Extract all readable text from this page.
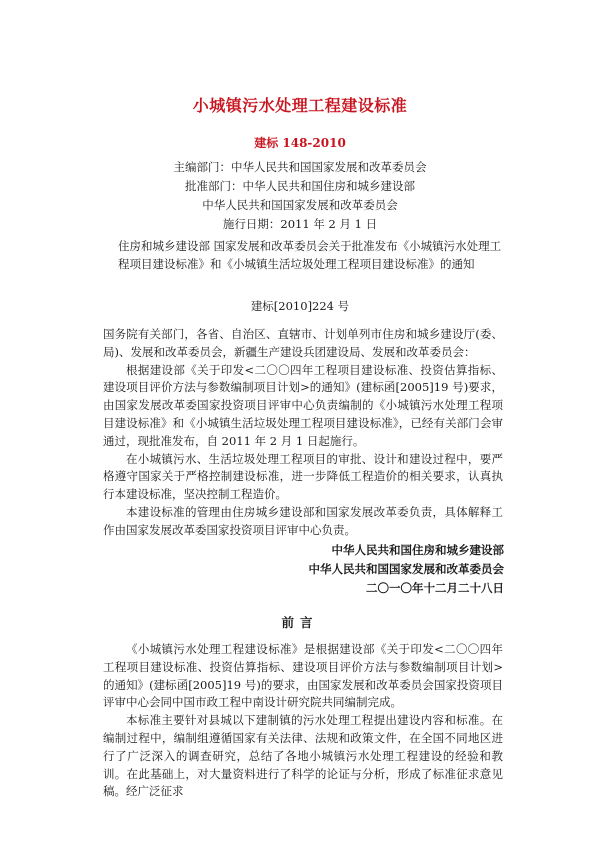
小城镇污水处理工程建设标准
建标 148-2010
主编部门：中华人民共和国国家发展和改革委员会
批准部门：中华人民共和国住房和城乡建设部
中华人民共和国国家发展和改革委员会
施行日期：2011 年 2 月 1 日
住房和城乡建设部 国家发展和改革委员会关于批准发布《小城镇污水处理工程项目建设标准》和《小城镇生活垃圾处理工程项目建设标准》的通知
建标[2010]224 号

国务院有关部门，各省、自治区、直辖市、计划单列市住房和城乡建设厅(委、局)、发展和改革委员会，新疆生产建设兵团建设局、发展和改革委员会：

根据建设部《关于印发<二〇〇四年工程项目建设标准、投资估算指标、建设项目评价方法与参数编制项目计划>的通知》(建标函[2005]19 号)要求，由国家发展改革委国家投资项目评审中心负责编制的《小城镇污水处理工程项目建设标准》和《小城镇生活垃圾处理工程项目建设标准》，已经有关部门会审通过，现批准发布，自 2011 年 2 月 1 日起施行。

在小城镇污水、生活垃圾处理工程项目的审批、设计和建设过程中，要严格遵守国家关于严格控制建设标准，进一步降低工程造价的相关要求，认真执行本建设标准，坚决控制工程造价。

本建设标准的管理由住房城乡建设部和国家发展改革委负责，具体解释工作由国家发展改革委国家投资项目评审中心负责。

中华人民共和国住房和城乡建设部
中华人民共和国国家发展和改革委员会
二〇一〇年十二月二十八日
前言

《小城镇污水处理工程建设标准》是根据建设部《关于印发<二〇〇四年工程项目建设标准、投资估算指标、建设项目评价方法与参数编制项目计划>的通知》(建标函[2005]19 号)的要求，由国家发展和改革委员会国家投资项目评审中心会同中国市政工程中南设计研究院共同编制完成。

本标准主要针对县城以下建制镇的污水处理工程提出建设内容和标准。在编制过程中，编制组遵循国家有关法律、法规和政策文件，在全国不同地区进行了广泛深入的调查研究，总结了各地小城镇污水处理工程建设的经验和教训。在此基础上，对大量资料进行了科学的论证与分析，形成了标准征求意见稿。经广泛征求
